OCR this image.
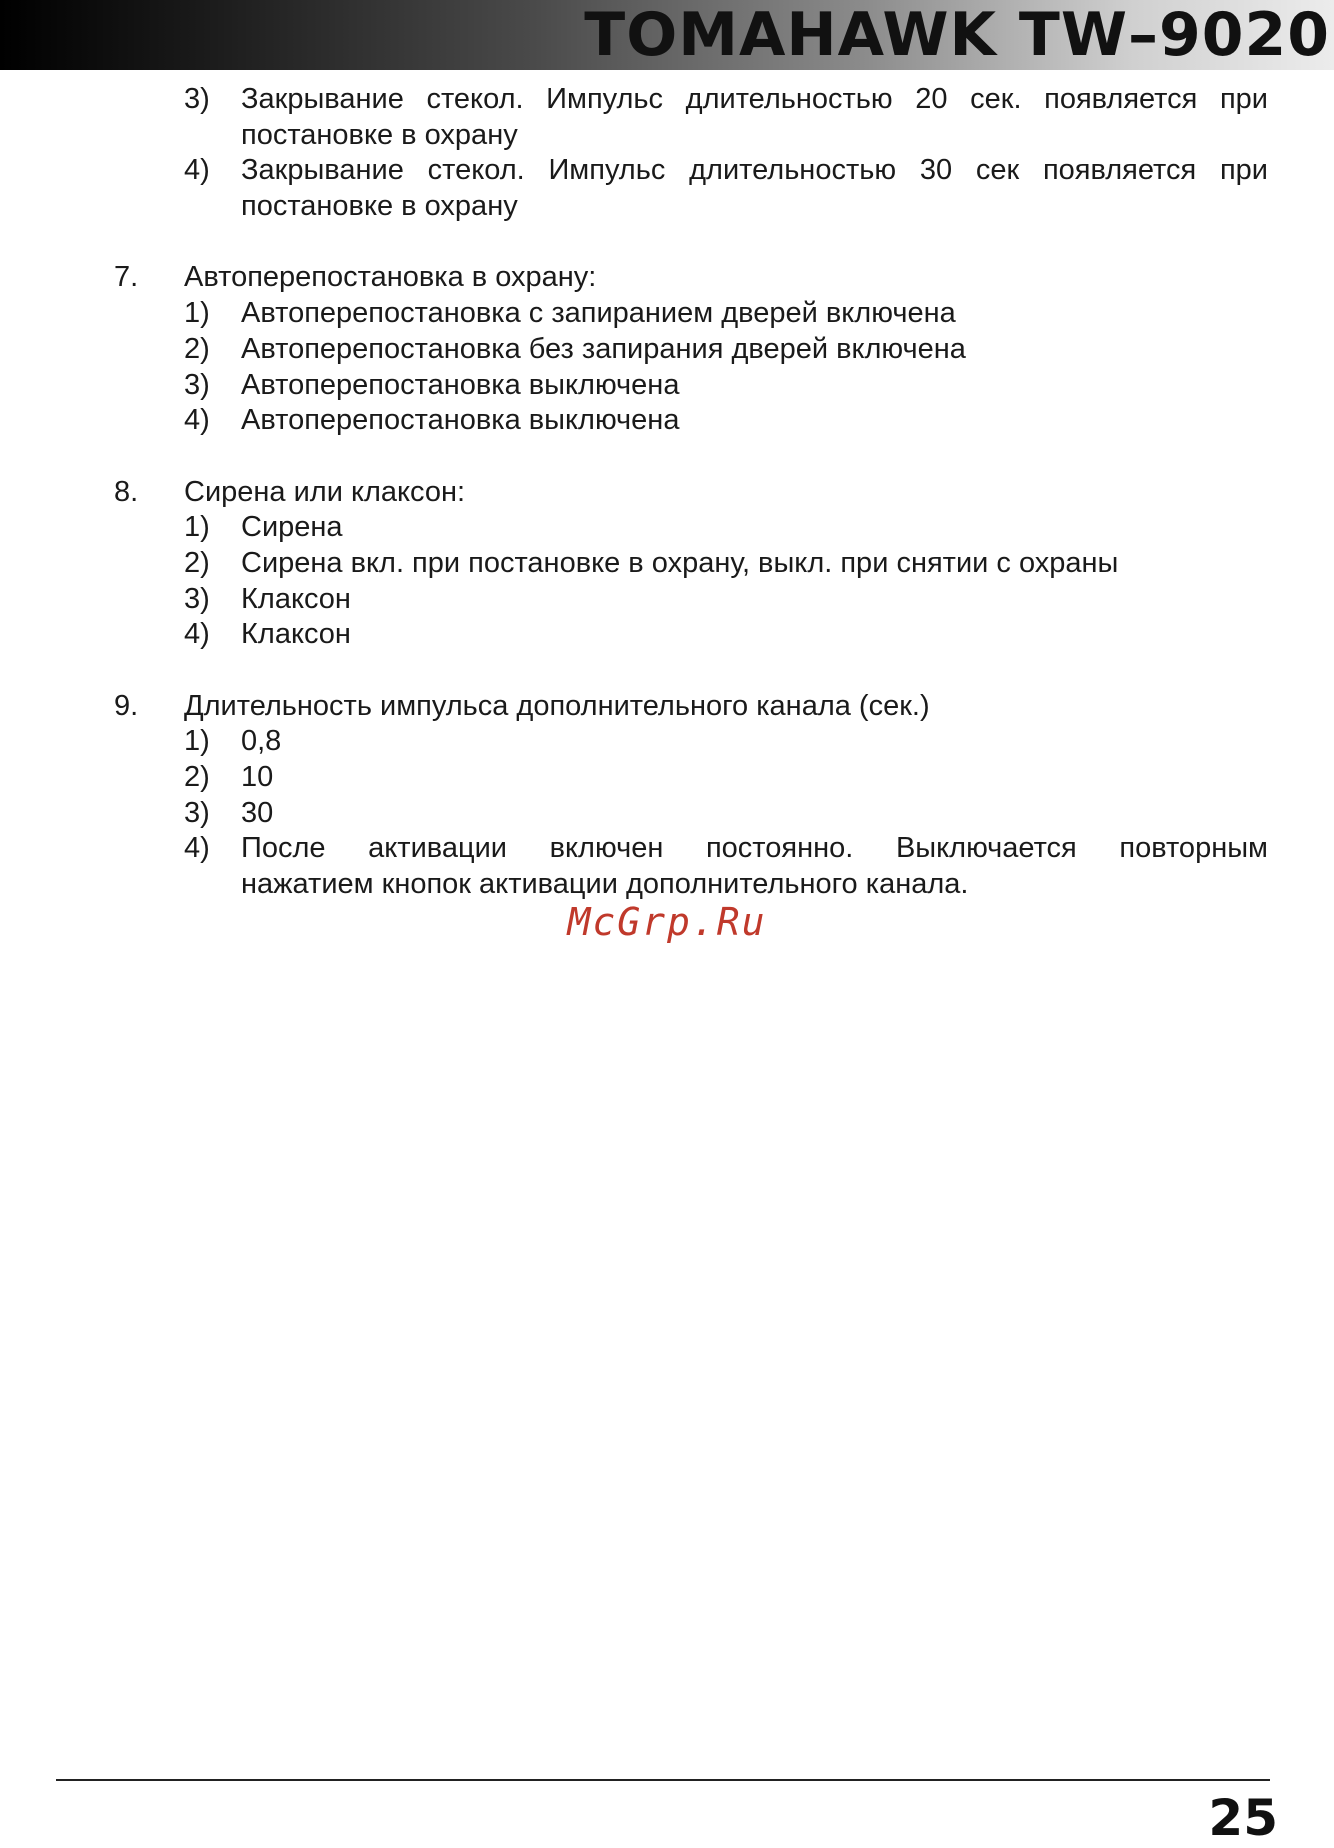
TOMAHAWK TW–9020
3) Закрывание стекол. Импульс длительностью 20 сек. появляется при
постановке в охрану
4) Закрывание стекол. Импульс длительностью 30 сек появляется при
постановке в охрану
7. Автоперепостановка в охрану:
1) Автоперепостановка с запиранием дверей включена
2) Автоперепостановка без запирания дверей включена
3) Автоперепостановка выключена
4) Автоперепостановка выключена
8. Сирена или клаксон:
1) Сирена
2) Сирена вкл. при постановке в охрану, выкл. при снятии с охраны
3) Клаксон
4) Клаксон
9. Длительность импульса дополнительного канала (сек.)
1) 0,8
2) 10
3) 30
4) После активации включен постоянно. Выключается повторным
нажатием кнопок активации дополнительного канала.
McGrp.Ru
25
